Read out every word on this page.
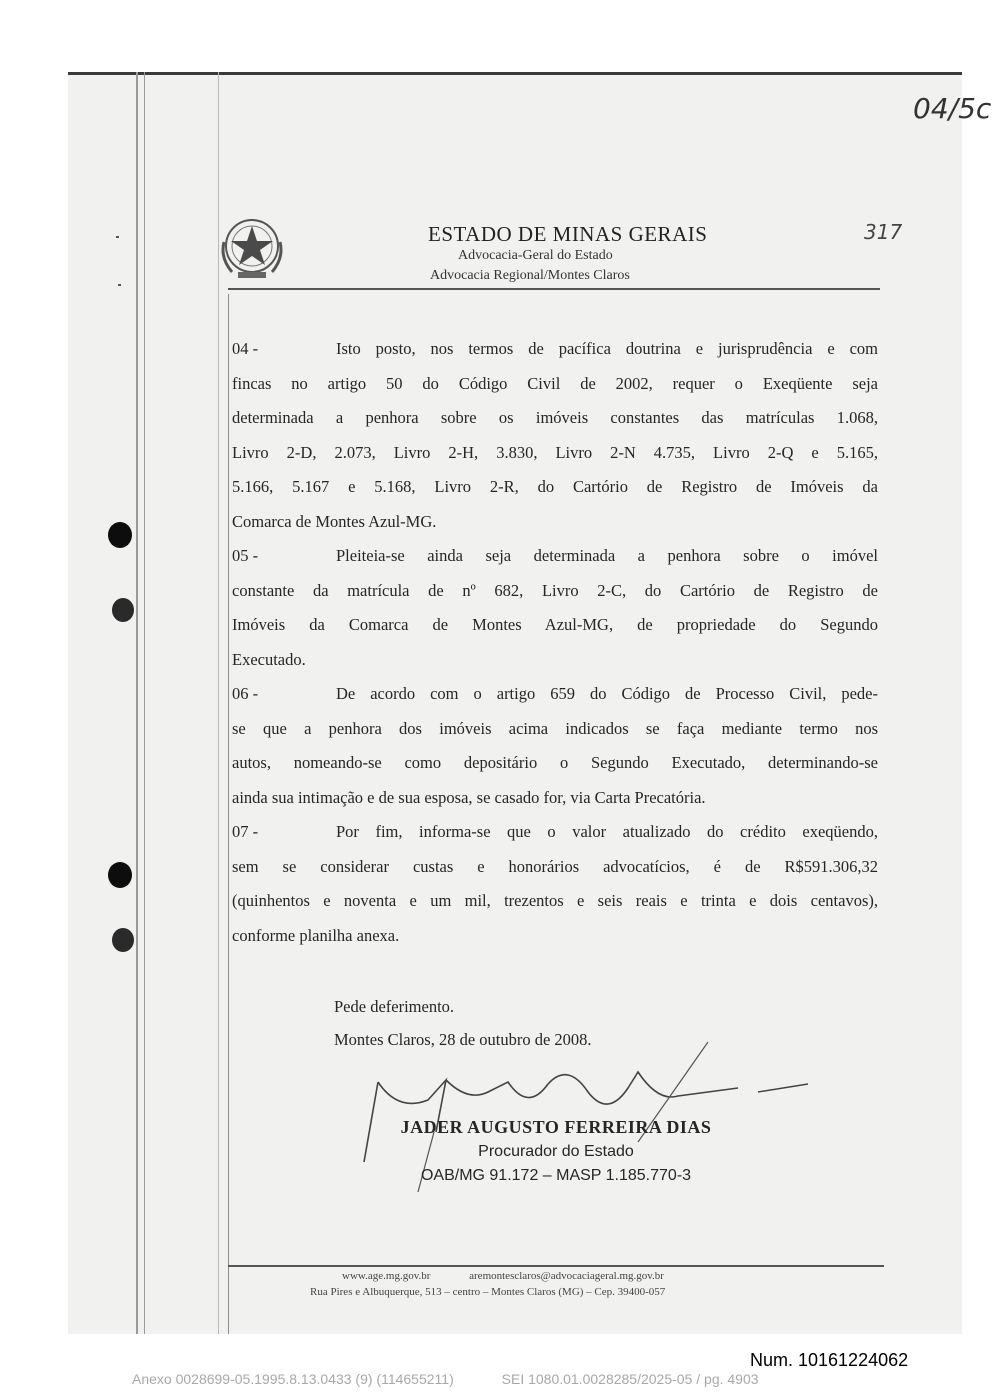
04/5c
317
ESTADO DE MINAS GERAIS
Advocacia-Geral do Estado
Advocacia Regional/Montes Claros
04 -	Isto posto, nos termos de pacífica doutrina e jurisprudência e com
fincas no artigo 50 do Código Civil de 2002, requer o Exeqüente seja
determinada a penhora sobre os imóveis constantes das matrículas 1.068,
Livro 2-D, 2.073, Livro 2-H, 3.830, Livro 2-N 4.735, Livro 2-Q e 5.165,
5.166, 5.167 e 5.168, Livro 2-R, do Cartório de Registro de Imóveis da
Comarca de Montes Azul-MG.
05 -	Pleiteia-se ainda seja determinada a penhora sobre o imóvel
constante da matrícula de nº 682, Livro 2-C, do Cartório de Registro de
Imóveis da Comarca de Montes Azul-MG, de propriedade do Segundo
Executado.
06 -	De acordo com o artigo 659 do Código de Processo Civil, pede-
se que a penhora dos imóveis acima indicados se faça mediante termo nos
autos, nomeando-se como depositário o Segundo Executado, determinando-se
ainda sua intimação e de sua esposa, se casado for, via Carta Precatória.
07 -	Por fim, informa-se que o valor atualizado do crédito exeqüendo,
sem se considerar custas e honorários advocatícios, é de R$591.306,32
(quinhentos e noventa e um mil, trezentos e seis reais e trinta e dois centavos),
conforme planilha anexa.
Pede deferimento.
Montes Claros, 28 de outubro de 2008.
JADER AUGUSTO FERREIRA DIAS
Procurador do Estado
OAB/MG 91.172 – MASP 1.185.770-3
www.age.mg.gov.br	aremontesclaros@advocaciageral.mg.gov.br
Rua Pires e Albuquerque, 513 – centro – Montes Claros (MG) – Cep. 39400-057
Num. 10161224062
Anexo 0028699-05.1995.8.13.0433 (9) (114655211)	SEI 1080.01.0028285/2025-05 / pg. 4903
